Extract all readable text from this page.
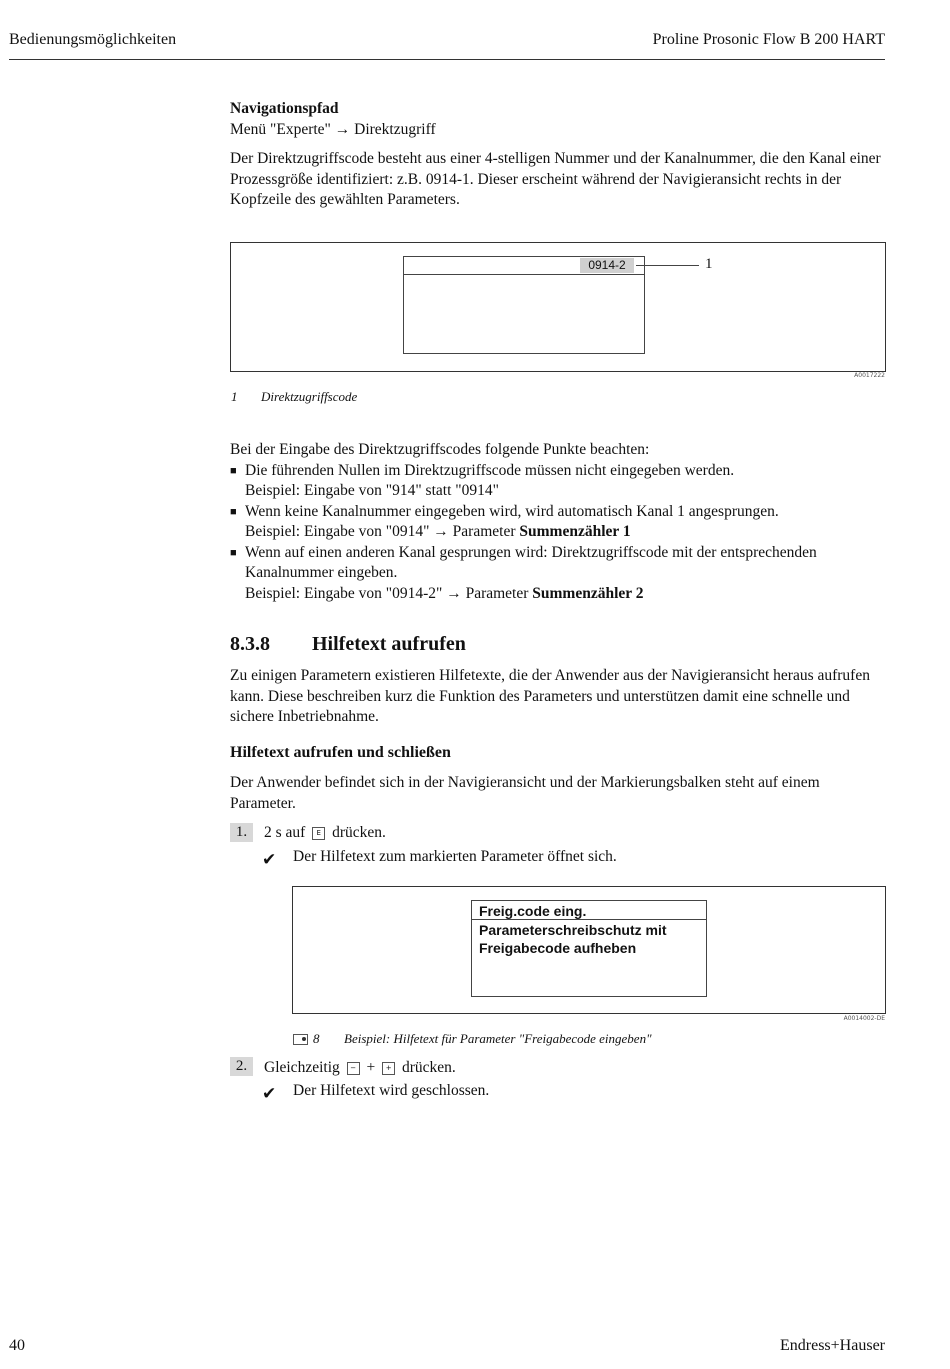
Bedienungsmöglichkeiten	Proline Prosonic Flow B 200 HART
Navigationspfad
Menü "Experte" → Direktzugriff

Der Direktzugriffscode besteht aus einer 4-stelligen Nummer und der Kanalnummer, die den Kanal einer Prozessgröße identifiziert: z.B. 0914-1. Dieser erscheint während der Navigieransicht rechts in der Kopfzeile des gewählten Parameters.

0914-2	1
A0017222
1 Direktzugriffscode
Bei der Eingabe des Direktzugriffscodes folgende Punkte beachten:
■ Die führenden Nullen im Direktzugriffscode müssen nicht eingegeben werden.
Beispiel: Eingabe von "914" statt "0914"
■ Wenn keine Kanalnummer eingegeben wird, wird automatisch Kanal 1 angesprungen.
Beispiel: Eingabe von "0914" → Parameter Summenzähler 1
■ Wenn auf einen anderen Kanal gesprungen wird: Direktzugriffscode mit der entsprechenden Kanalnummer eingeben.
Beispiel: Eingabe von "0914-2" → Parameter Summenzähler 2
8.3.8 Hilfetext aufrufen

Zu einigen Parametern existieren Hilfetexte, die der Anwender aus der Navigieransicht heraus aufrufen kann. Diese beschreiben kurz die Funktion des Parameters und unterstützen damit eine schnelle und sichere Inbetriebnahme.

Hilfetext aufrufen und schließen

Der Anwender befindet sich in der Navigieransicht und der Markierungsbalken steht auf einem Parameter.

1.	2 s auf E drücken.
✔ Der Hilfetext zum markierten Parameter öffnet sich.
Freig.code eing.
Parameterschreibschutz mit
Freigabecode aufheben
A0014002-DE
8 Beispiel: Hilfetext für Parameter "Freigabecode eingeben"
2.	Gleichzeitig − + + drücken.
✔ Der Hilfetext wird geschlossen.
40	Endress+Hauser
